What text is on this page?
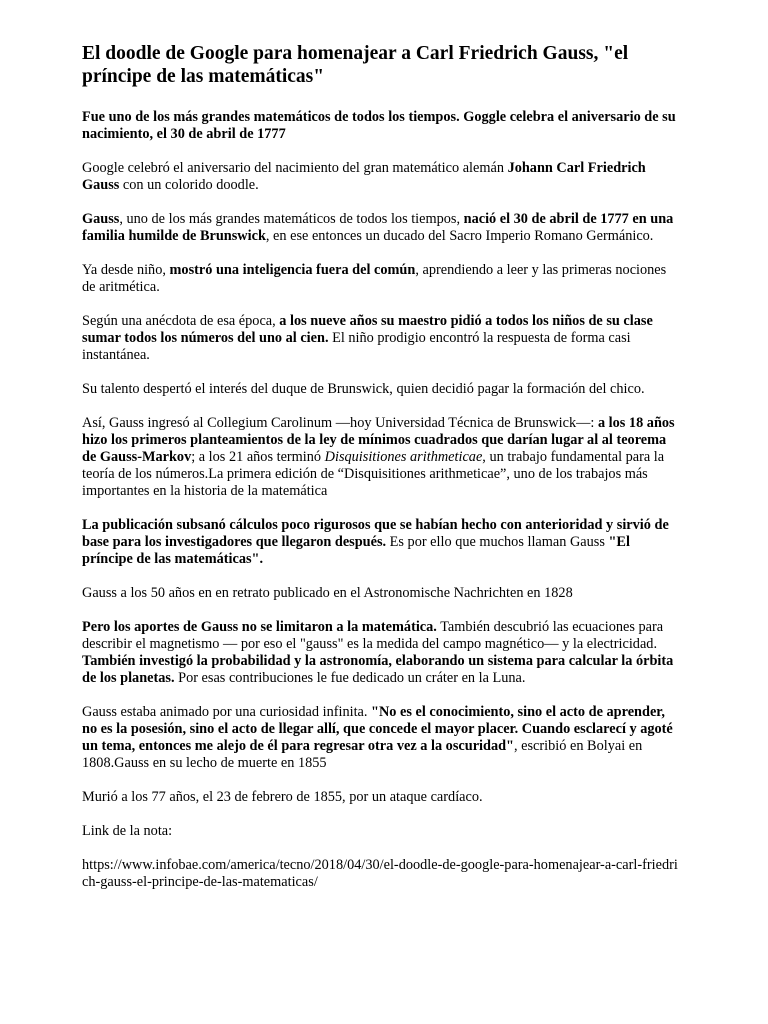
El doodle de Google para homenajear a Carl Friedrich Gauss, "el príncipe de las matemáticas"

Fue uno de los más grandes matemáticos de todos los tiempos. Goggle celebra el aniversario de su nacimiento, el 30 de abril de 1777

Google celebró el aniversario del nacimiento del gran matemático alemán Johann Carl Friedrich Gauss con un colorido doodle.

Gauss, uno de los más grandes matemáticos de todos los tiempos, nació el 30 de abril de 1777 en una familia humilde de Brunswick, en ese entonces un ducado del Sacro Imperio Romano Germánico.

Ya desde niño, mostró una inteligencia fuera del común, aprendiendo a leer y las primeras nociones de aritmética.

Según una anécdota de esa época, a los nueve años su maestro pidió a todos los niños de su clase sumar todos los números del uno al cien. El niño prodigio encontró la respuesta de forma casi instantánea.

Su talento despertó el interés del duque de Brunswick, quien decidió pagar la formación del chico.

Así, Gauss ingresó al Collegium Carolinum —hoy Universidad Técnica de Brunswick—: a los 18 años hizo los primeros planteamientos de la ley de mínimos cuadrados que darían lugar al al teorema de Gauss-Markov; a los 21 años terminó Disquisitiones arithmeticae, un trabajo fundamental para la teoría de los números.La primera edición de “Disquisitiones arithmeticae”, uno de los trabajos más importantes en la historia de la matemática

La publicación subsanó cálculos poco rigurosos que se habían hecho con anterioridad y sirvió de base para los investigadores que llegaron después. Es por ello que muchos llaman Gauss "El príncipe de las matemáticas".

Gauss a los 50 años en en retrato publicado en el Astronomische Nachrichten en 1828

Pero los aportes de Gauss no se limitaron a la matemática. También descubrió las ecuaciones para describir el magnetismo — por eso el "gauss" es la medida del campo magnético— y la electricidad. También investigó la probabilidad y la astronomía, elaborando un sistema para calcular la órbita de los planetas. Por esas contribuciones le fue dedicado un cráter en la Luna.

Gauss estaba animado por una curiosidad infinita. "No es el conocimiento, sino el acto de aprender, no es la posesión, sino el acto de llegar allí, que concede el mayor placer. Cuando esclarecí y agoté un tema, entonces me alejo de él para regresar otra vez a la oscuridad", escribió en Bolyai en 1808.Gauss en su lecho de muerte en 1855

Murió a los 77 años, el 23 de febrero de 1855, por un ataque cardíaco.

Link de la nota:

https://www.infobae.com/america/tecno/2018/04/30/el-doodle-de-google-para-homenajear-a-carl-friedrich-gauss-el-principe-de-las-matematicas/
